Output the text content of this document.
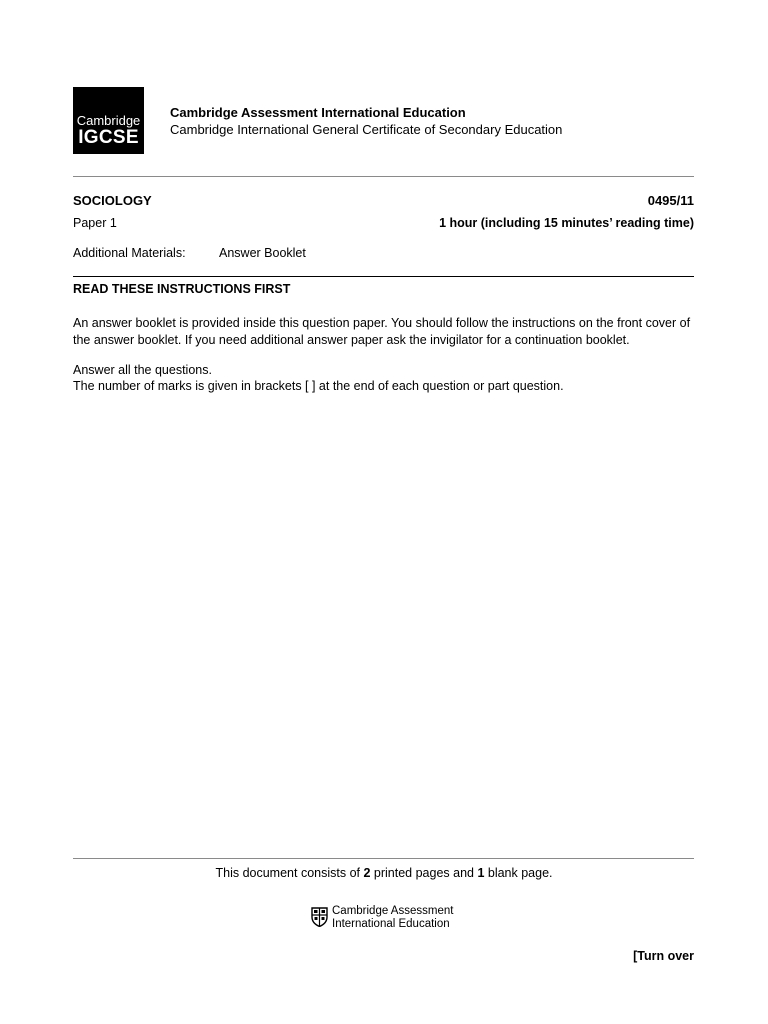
Cambridge
IGCSE
Cambridge Assessment International Education
Cambridge International General Certificate of Secondary Education
SOCIOLOGY	0495/11
Paper 1	1 hour (including 15 minutes’ reading time)
Additional Materials:	Answer Booklet
READ THESE INSTRUCTIONS FIRST
An answer booklet is provided inside this question paper. You should follow the instructions on the front cover of the answer booklet. If you need additional answer paper ask the invigilator for a continuation booklet.
Answer all the questions.
The number of marks is given in brackets [ ] at the end of each question or part question.
This document consists of 2 printed pages and 1 blank page.
Cambridge Assessment
International Education
[Turn over
